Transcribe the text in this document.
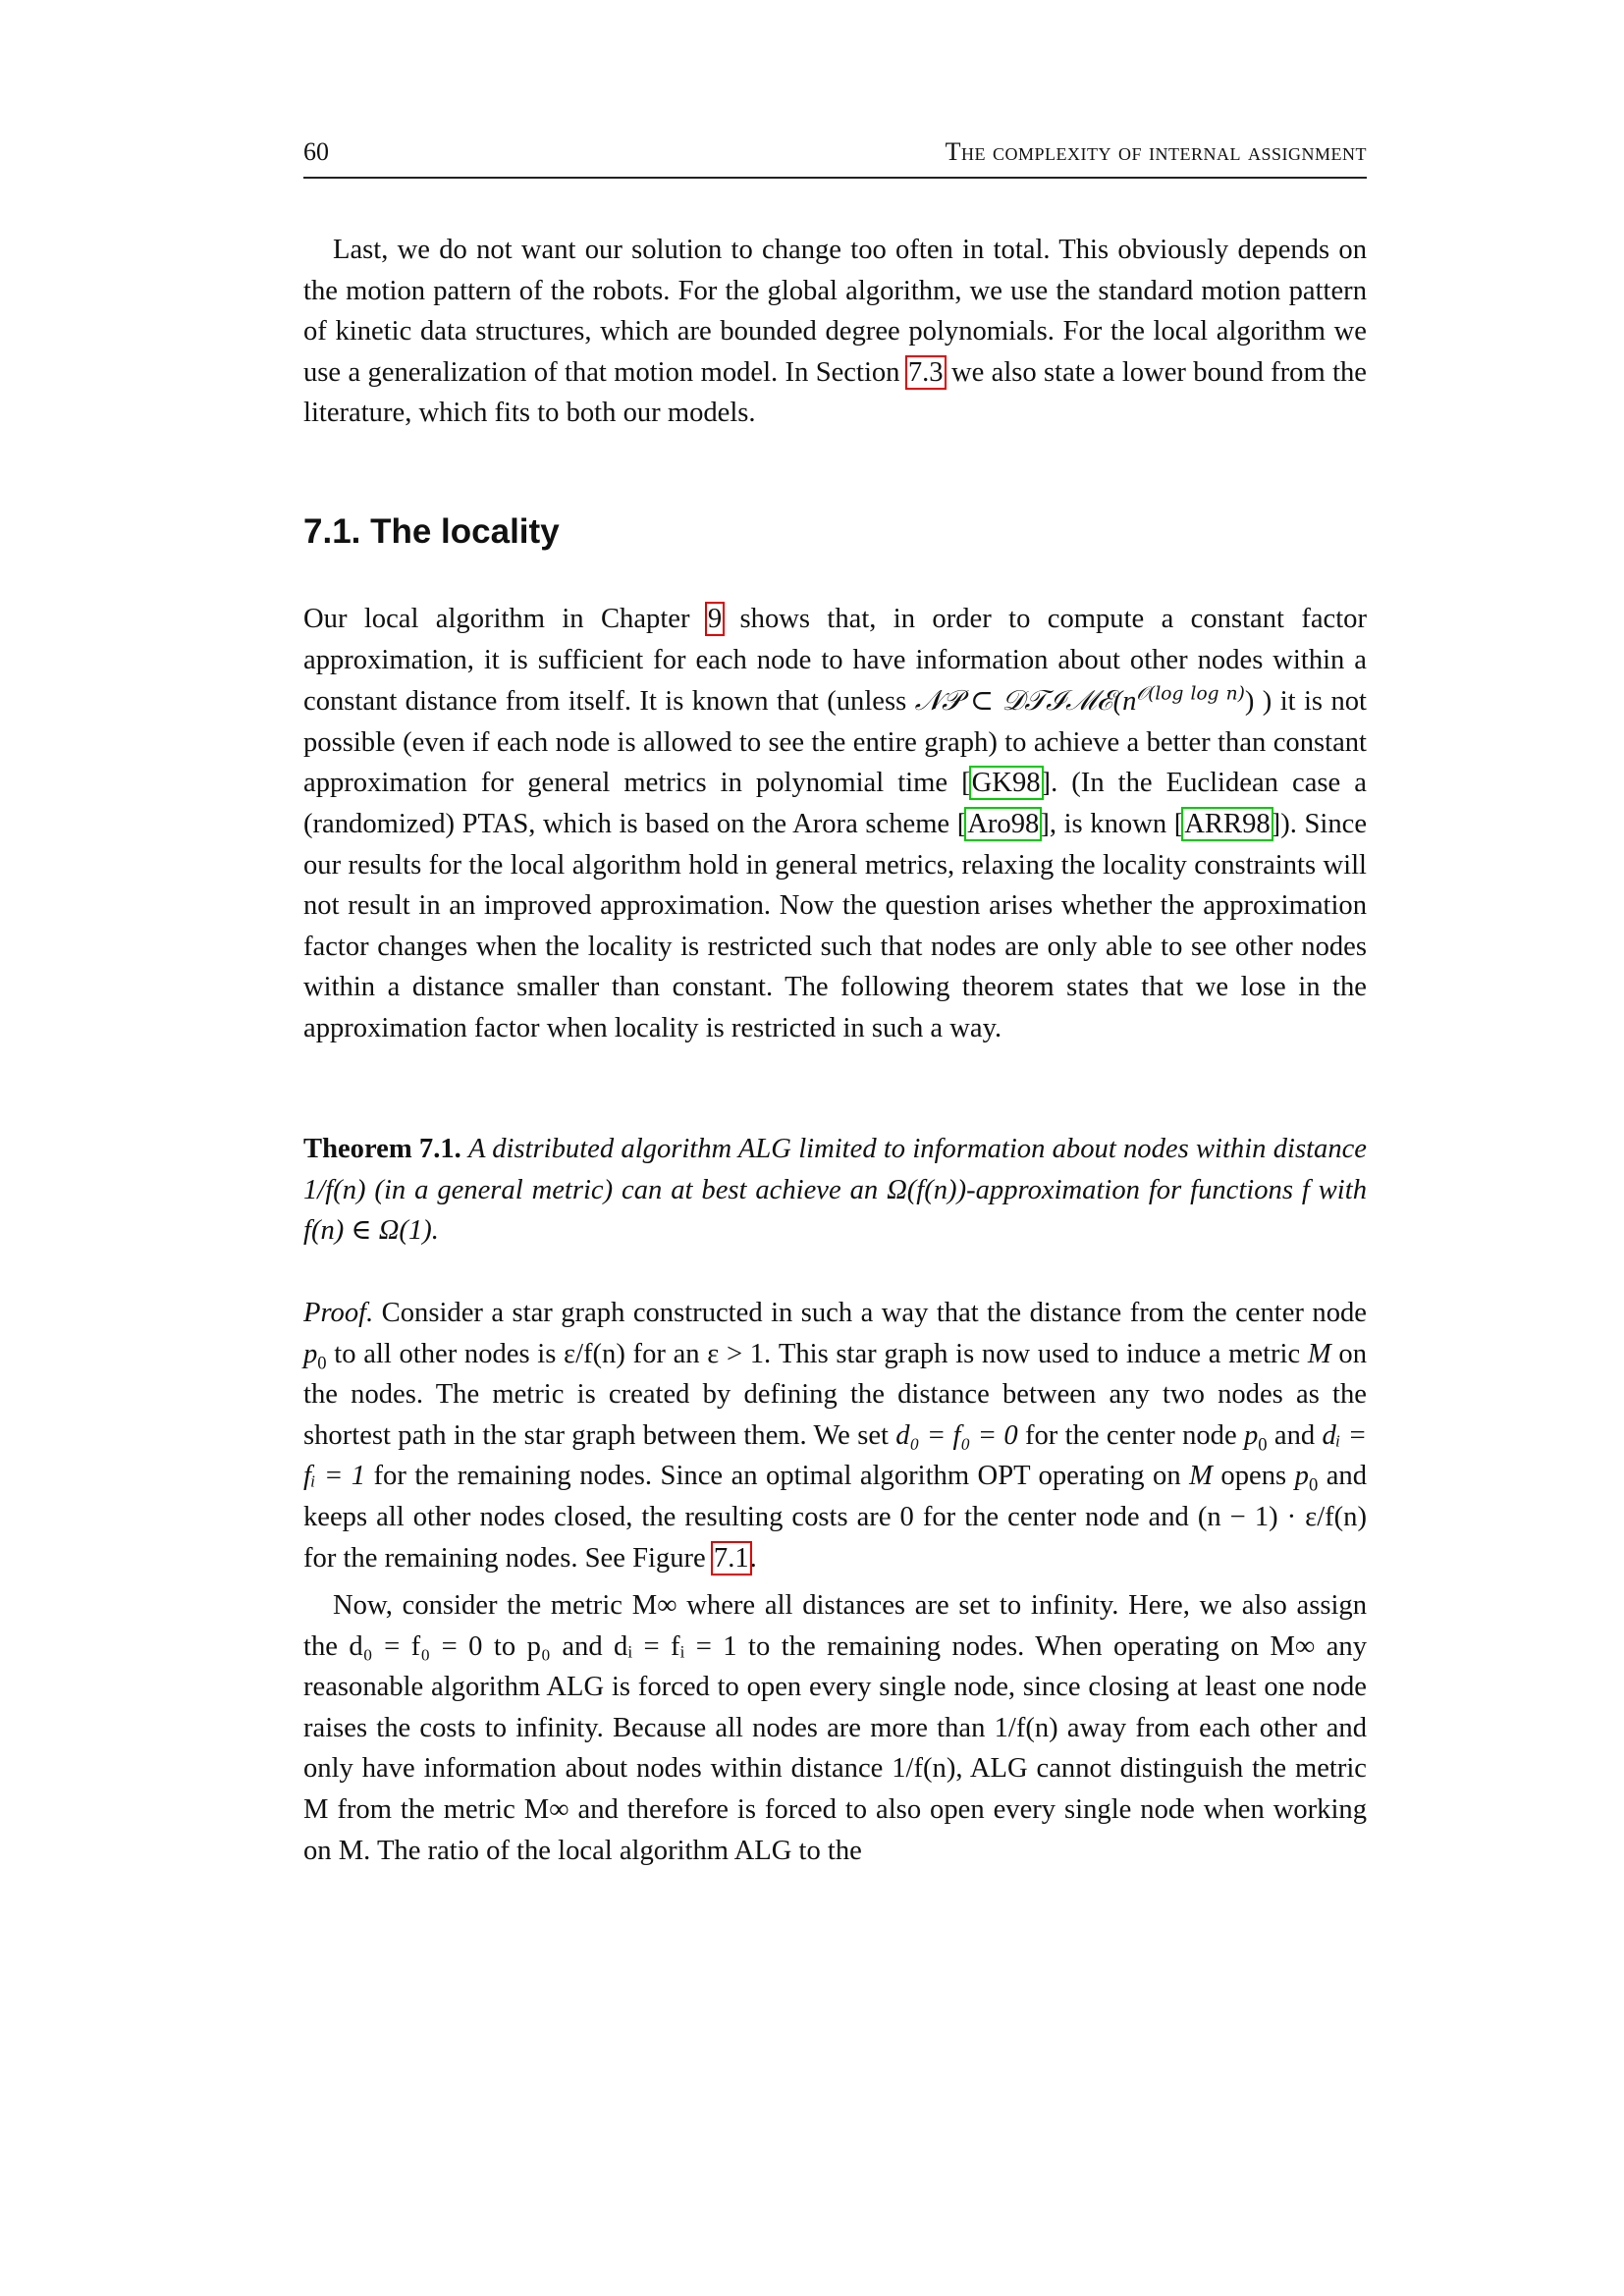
60	The complexity of internal assignment

Last, we do not want our solution to change too often in total. This obviously depends on the motion pattern of the robots. For the global algorithm, we use the standard motion pattern of kinetic data structures, which are bounded degree polynomials. For the local algorithm we use a generalization of that motion model. In Section 7.3 we also state a lower bound from the literature, which fits to both our models.

7.1. The locality

Our local algorithm in Chapter 9 shows that, in order to compute a constant factor approximation, it is sufficient for each node to have information about other nodes within a constant distance from itself. It is known that (unless 𝒩𝒫 ⊂ $𝒟𝒯ℐℳℰ(n^{𝒪(log log n)})$ ) it is not possible (even if each node is allowed to see the entire graph) to achieve a better than constant approximation for general metrics in polynomial time [GK98]. (In the Euclidean case a (randomized) PTAS, which is based on the Arora scheme [Aro98], is known [ARR98]). Since our results for the local algorithm hold in general metrics, relaxing the locality constraints will not result in an improved approximation. Now the question arises whether the approximation factor changes when the locality is restricted such that nodes are only able to see other nodes within a distance smaller than constant. The following theorem states that we lose in the approximation factor when locality is restricted in such a way.

Theorem 7.1. A distributed algorithm ALG limited to information about nodes within distance 1/f(n) (in a general metric) can at best achieve an Ω(f(n))-approximation for functions f with f(n) ∈ Ω(1).

Proof. Consider a star graph constructed in such a way that the distance from the center node $p_0$ to all other nodes is ε/f(n) for an ε > 1. This star graph is now used to induce a metric M on the nodes. The metric is created by defining the distance between any two nodes as the shortest path in the star graph between them. We set d₀ = f₀ = 0 for the center node $p_0$ and dᵢ = fᵢ = 1 for the remaining nodes. Since an optimal algorithm OPT operating on M opens $p_0$ and keeps all other nodes closed, the resulting costs are 0 for the center node and (n − 1) · ε/f(n) for the remaining nodes. See Figure 7.1.

Now, consider the metric M∞ where all distances are set to infinity. Here, we also assign the d₀ = f₀ = 0 to p₀ and dᵢ = fᵢ = 1 to the remaining nodes. When operating on M∞ any reasonable algorithm ALG is forced to open every single node, since closing at least one node raises the costs to infinity. Because all nodes are more than 1/f(n) away from each other and only have information about nodes within distance 1/f(n), ALG cannot distinguish the metric M from the metric M∞ and therefore is forced to also open every single node when working on M. The ratio of the local algorithm ALG to the
